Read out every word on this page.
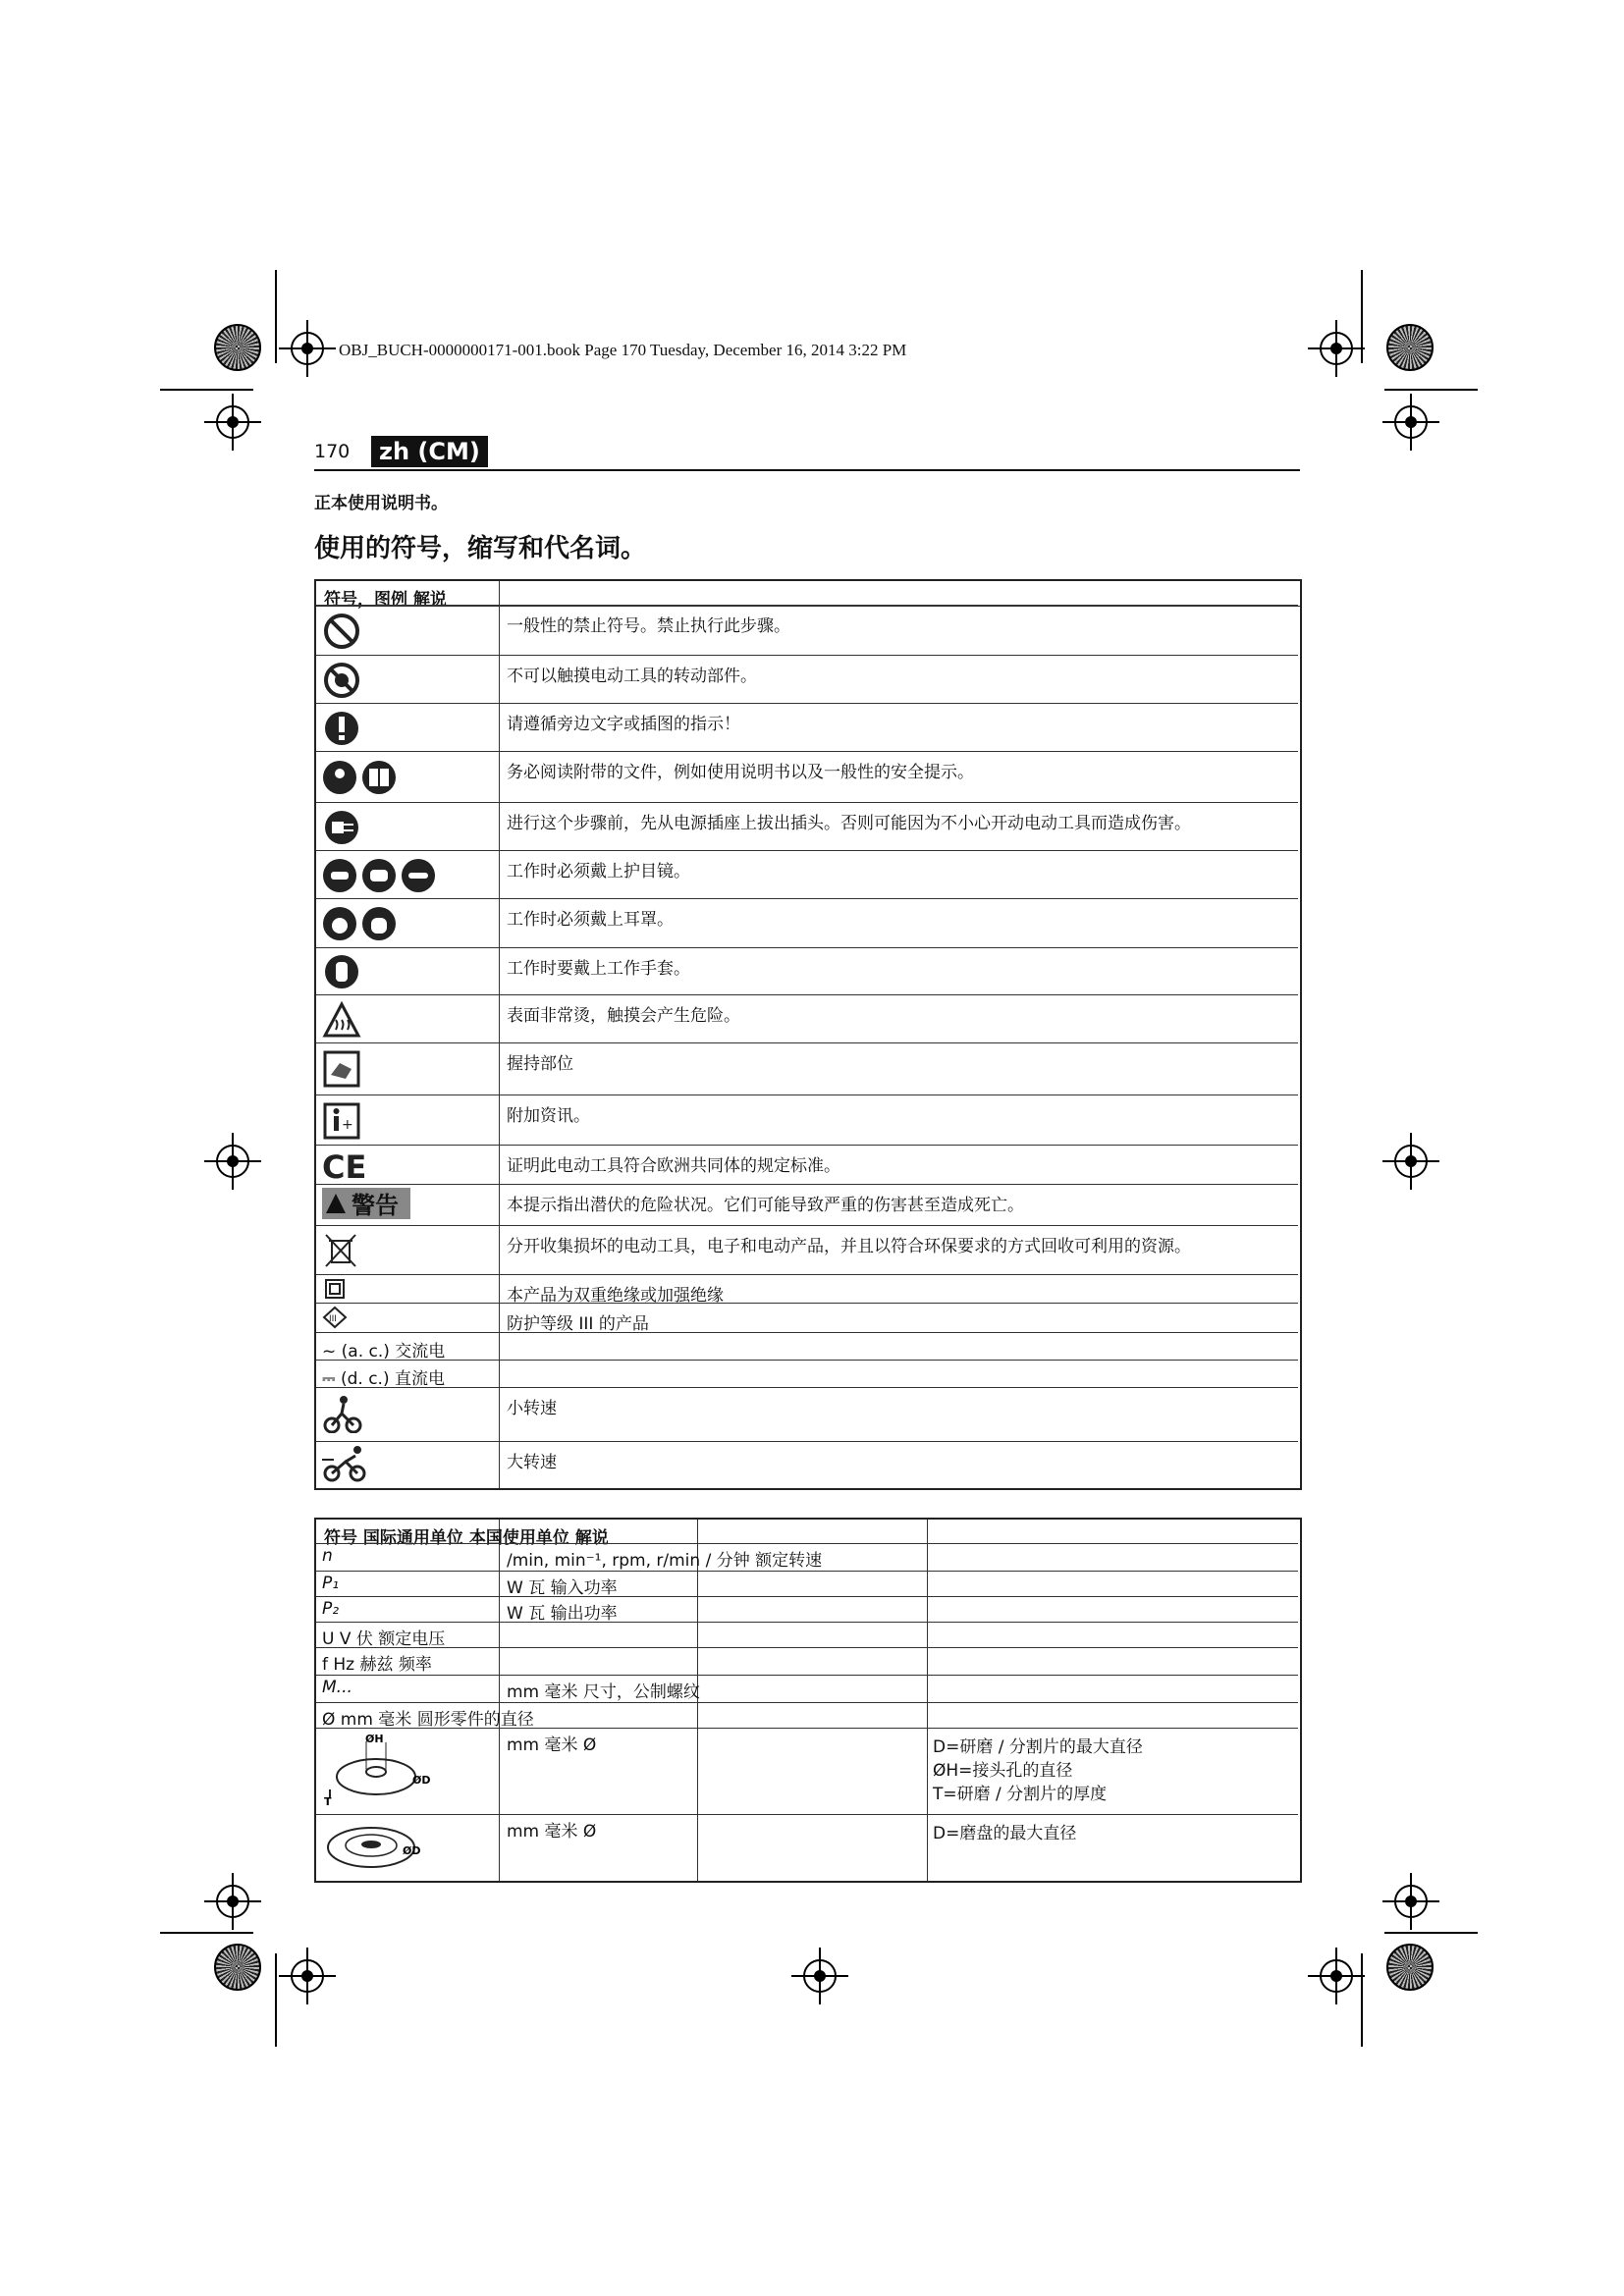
OBJ_BUCH-0000000171-001.book Page 170 Tuesday, December 16, 2014 3:22 PM
170	zh (CM)
正本使用说明书。
使用的符号，缩写和代名词。
符号，图例 解说
一般性的禁止符号。禁止执行此步骤。
不可以触摸电动工具的转动部件。
请遵循旁边文字或插图的指示！
务必阅读附带的文件，例如使用说明书以及一般性的安全提示。
进行这个步骤前，先从电源插座上拔出插头。否则可能因为不小心开动电动工具而造成伤害。
工作时必须戴上护目镜。
工作时必须戴上耳罩。
工作时要戴上工作手套。
表面非常烫，触摸会产生危险。
握持部位
+	附加资讯。
CE	证明此电动工具符合欧洲共同体的规定标准。
警告	本提示指出潜伏的危险状况。它们可能导致严重的伤害甚至造成死亡。
分开收集损坏的电动工具，电子和电动产品，并且以符合环保要求的方式回收可利用的资源。
本产品为双重绝缘或加强绝缘
III	防护等级 III 的产品
~ (a. c.) 交流电
⎓ (d. c.) 直流电
小转速
大转速
符号 国际通用单位 本国使用单位 解说
n	/min, min⁻¹, rpm, r/min / 分钟 额定转速
P₁	W 瓦 输入功率
P₂	W 瓦 输出功率
U V 伏 额定电压
f Hz 赫兹 频率
M...	mm 毫米 尺寸，公制螺纹
Ø mm 毫米 圆形零件的直径
mm 毫米 Ø	D=研磨 / 分割片的最大直径
ØH=接头孔的直径
T=研磨 / 分割片的厚度
ØH
ØD
T
mm 毫米 Ø	D=磨盘的最大直径
ØD
